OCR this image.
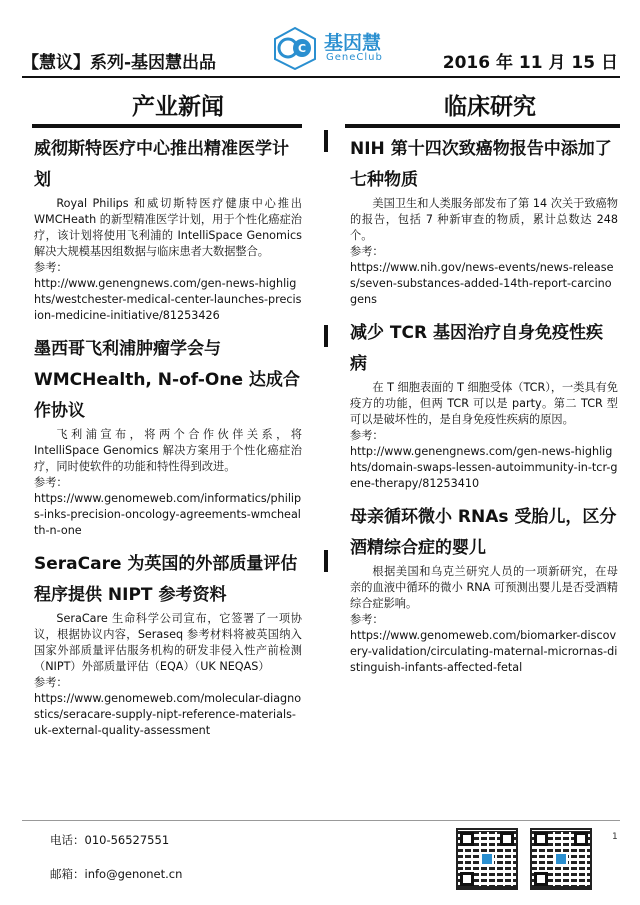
【慧议】系列-基因慧出品
C 基因慧
GeneClub	2016 年 11 月 15 日
产业新闻	临床研究
威彻斯特医疗中心推出精准医学计划
Royal Philips 和威切斯特医疗健康中心推出 WMCHeath 的新型精准医学计划，用于个性化癌症治疗，该计划将使用飞利浦的 IntelliSpace Genomics 解决大规模基因组数据与临床患者大数据整合。
参考：
http://www.genengnews.com/gen-news-highlights/westchester-medical-center-launches-precision-medicine-initiative/81253426
墨西哥飞利浦肿瘤学会与 WMCHealth, N-of-One 达成合作协议
飞利浦宣布，将两个合作伙伴关系，将 IntelliSpace Genomics 解决方案用于个性化癌症治疗，同时使软件的功能和特性得到改进。
参考：
https://www.genomeweb.com/informatics/philips-inks-precision-oncology-agreements-wmchealth-n-one
SeraCare 为英国的外部质量评估程序提供 NIPT 参考资料
SeraCare 生命科学公司宣布，它签署了一项协议，根据协议内容，Seraseq 参考材料将被英国纳入国家外部质量评估服务机构的研发非侵入性产前检测（NIPT）外部质量评估（EQA）（UK NEQAS）
参考：
https://www.genomeweb.com/molecular-diagnostics/seracare-supply-nipt-reference-materials-uk-external-quality-assessment
NIH 第十四次致癌物报告中添加了七种物质
美国卫生和人类服务部发布了第 14 次关于致癌物的报告，包括 7 种新审查的物质，累计总数达 248 个。
参考：
https://www.nih.gov/news-events/news-releases/seven-substances-added-14th-report-carcinogens
减少 TCR 基因治疗自身免疫性疾病
在 T 细胞表面的 T 细胞受体（TCR），一类具有免疫方的功能，但两 TCR 可以是 party。第二 TCR 型可以是破坏性的，是自身免疫性疾病的原因。
参考：
http://www.genengnews.com/gen-news-highlights/domain-swaps-lessen-autoimmunity-in-tcr-gene-therapy/81253410
母亲循环微小 RNAs 受胎儿，区分酒精综合症的婴儿
根据美国和乌克兰研究人员的一项新研究，在母亲的血液中循环的微小 RNA 可预测出婴儿是否受酒精综合症影响。
参考：
https://www.genomeweb.com/biomarker-discovery-validation/circulating-maternal-micrornas-distinguish-infants-affected-fetal
电话：010-56527551
邮箱：info@genonet.cn
1
